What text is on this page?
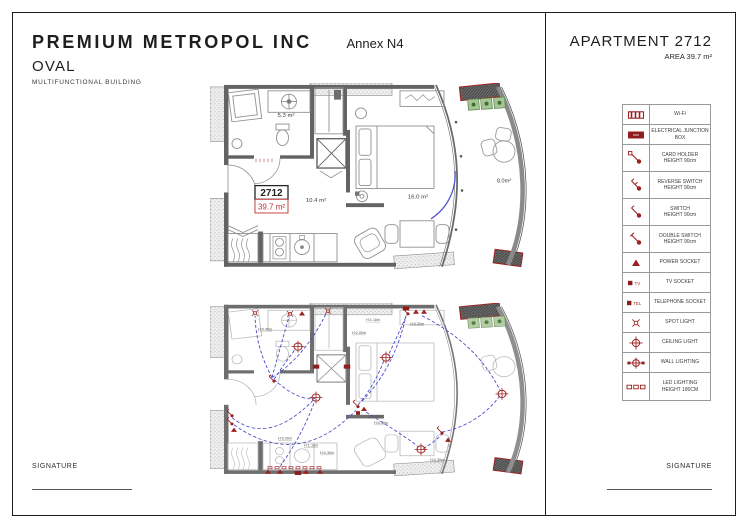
PREMIUM METROPOL INC	Annex N4	APARTMENT 2712
AREA 39.7 m²
OVAL
MULTIFUNCTIONAL BUILDING
Wi-Fi
ELECTRICAL JUNCTION BOX
CARD HOLDER
HEIGHT 90cm
REVERSE SWITCH
HEIGHT 90cm
SWITCH
HEIGHT 90cm
DOUBLE SWITCH
HEIGHT 90cm
POWER SOCKET
TV	TV SOCKET
TEL	TELEPHONE SOCKET
SPOT LIGHT
CEILING LIGHT
WALL LIGHTING
LED LIGHTING
HEIGHT 180CM
5.3 m²
10.4 m²
16.0 m²
8.0m²
2712
39.7 m²
H:1.10m
H:0.30m
H:2.00m
H:0.70m
H:0.30m
H:0.90m
H:1.10m
H:0.30m
H:0.90m
H:0.30m
SIGNATURE	SIGNATURE
